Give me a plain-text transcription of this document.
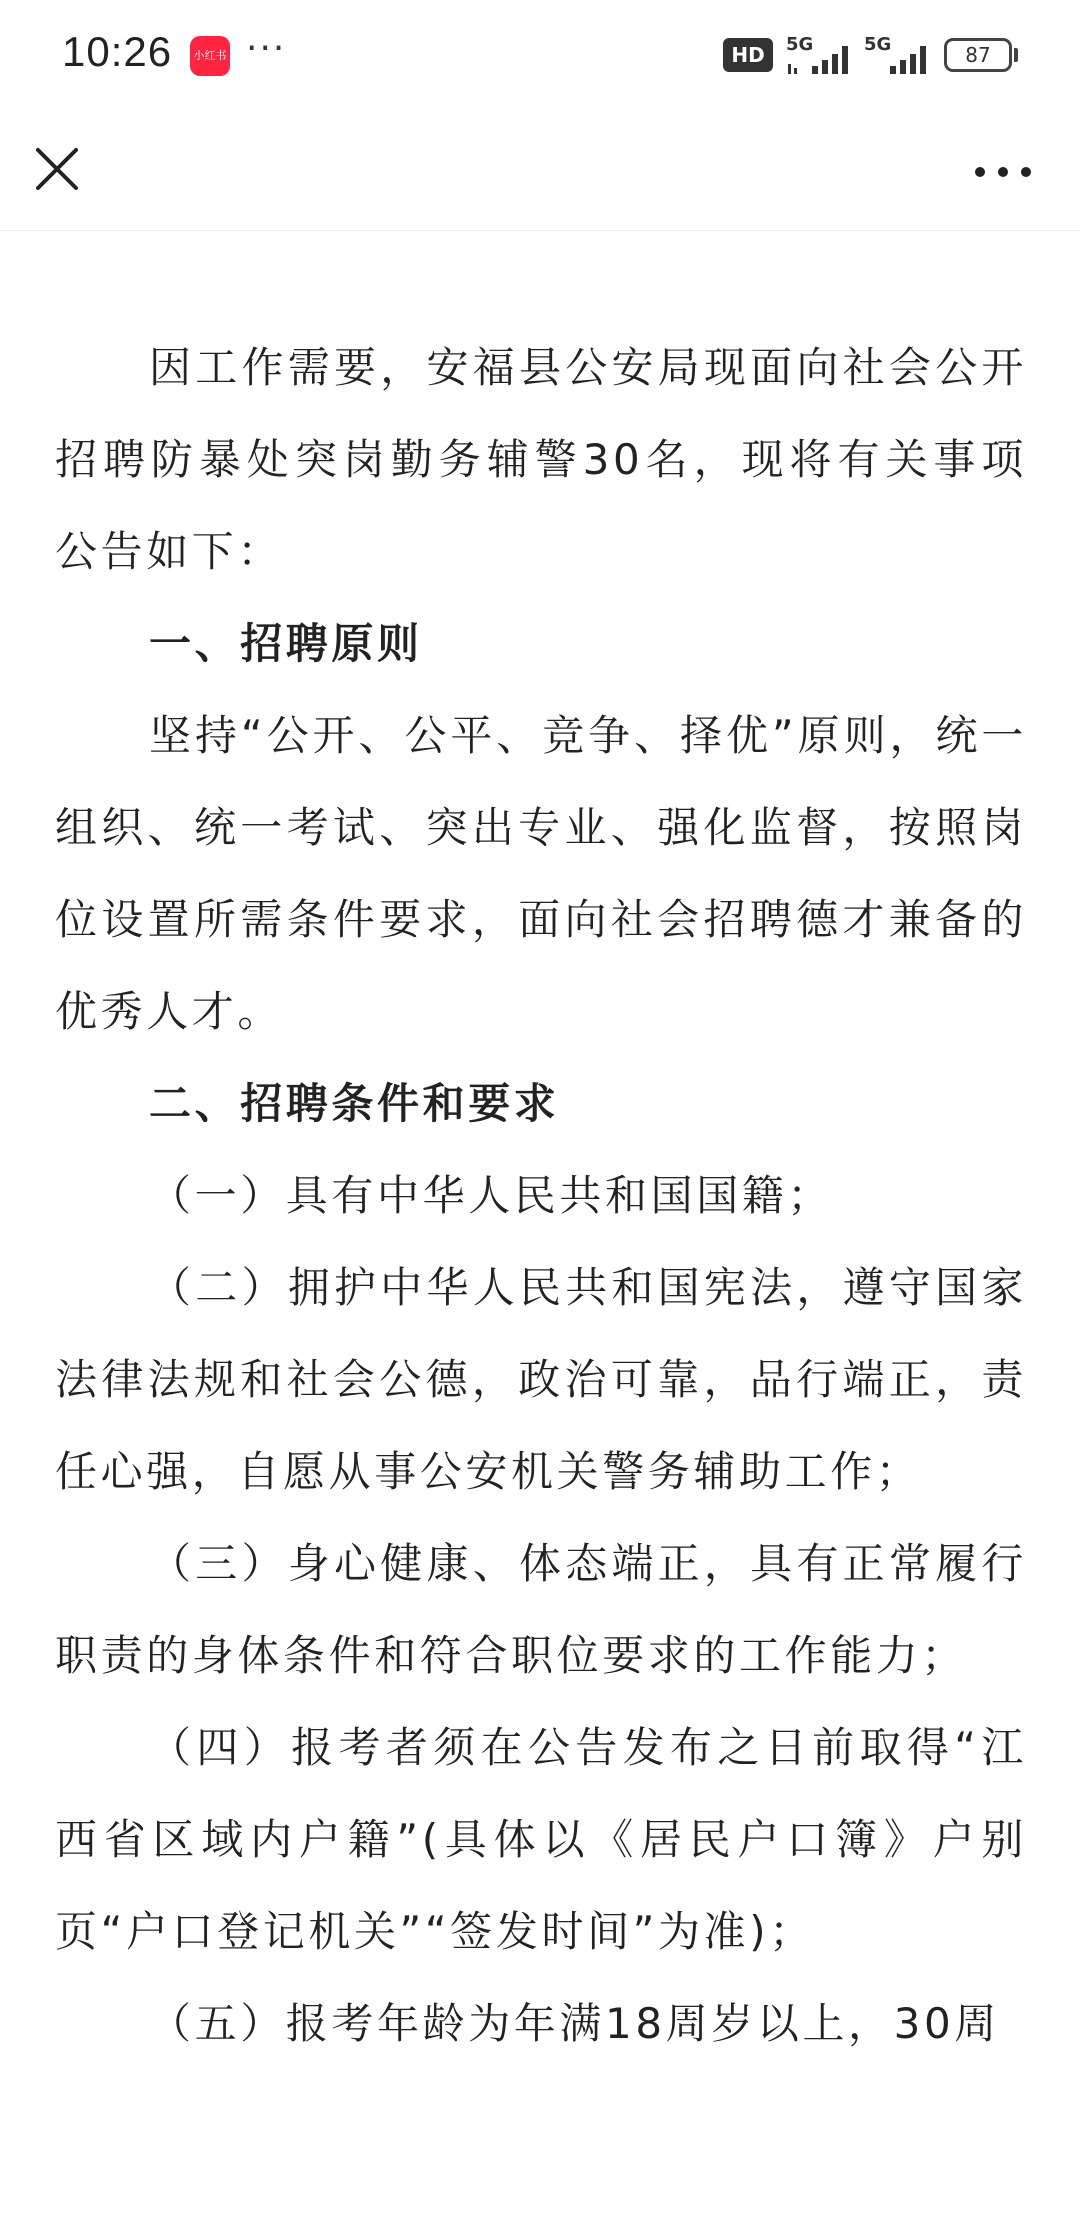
10:26	小红书 ···	HD	5G	5G	87

因工作需要，安福县公安局现面向社会公开招聘防暴处突岗勤务辅警30名，现将有关事项公告如下：

一、招聘原则

坚持“公开、公平、竞争、择优”原则，统一组织、统一考试、突出专业、强化监督，按照岗位设置所需条件要求，面向社会招聘德才兼备的优秀人才。

二、招聘条件和要求

（一）具有中华人民共和国国籍；

（二）拥护中华人民共和国宪法，遵守国家法律法规和社会公德，政治可靠，品行端正，责任心强，自愿从事公安机关警务辅助工作；

（三）身心健康、体态端正，具有正常履行职责的身体条件和符合职位要求的工作能力；

（四）报考者须在公告发布之日前取得“江西省区域内户籍”(具体以《居民户口簿》户别页“户口登记机关”“签发时间”为准)；

（五）报考年龄为年满18周岁以上，30周
